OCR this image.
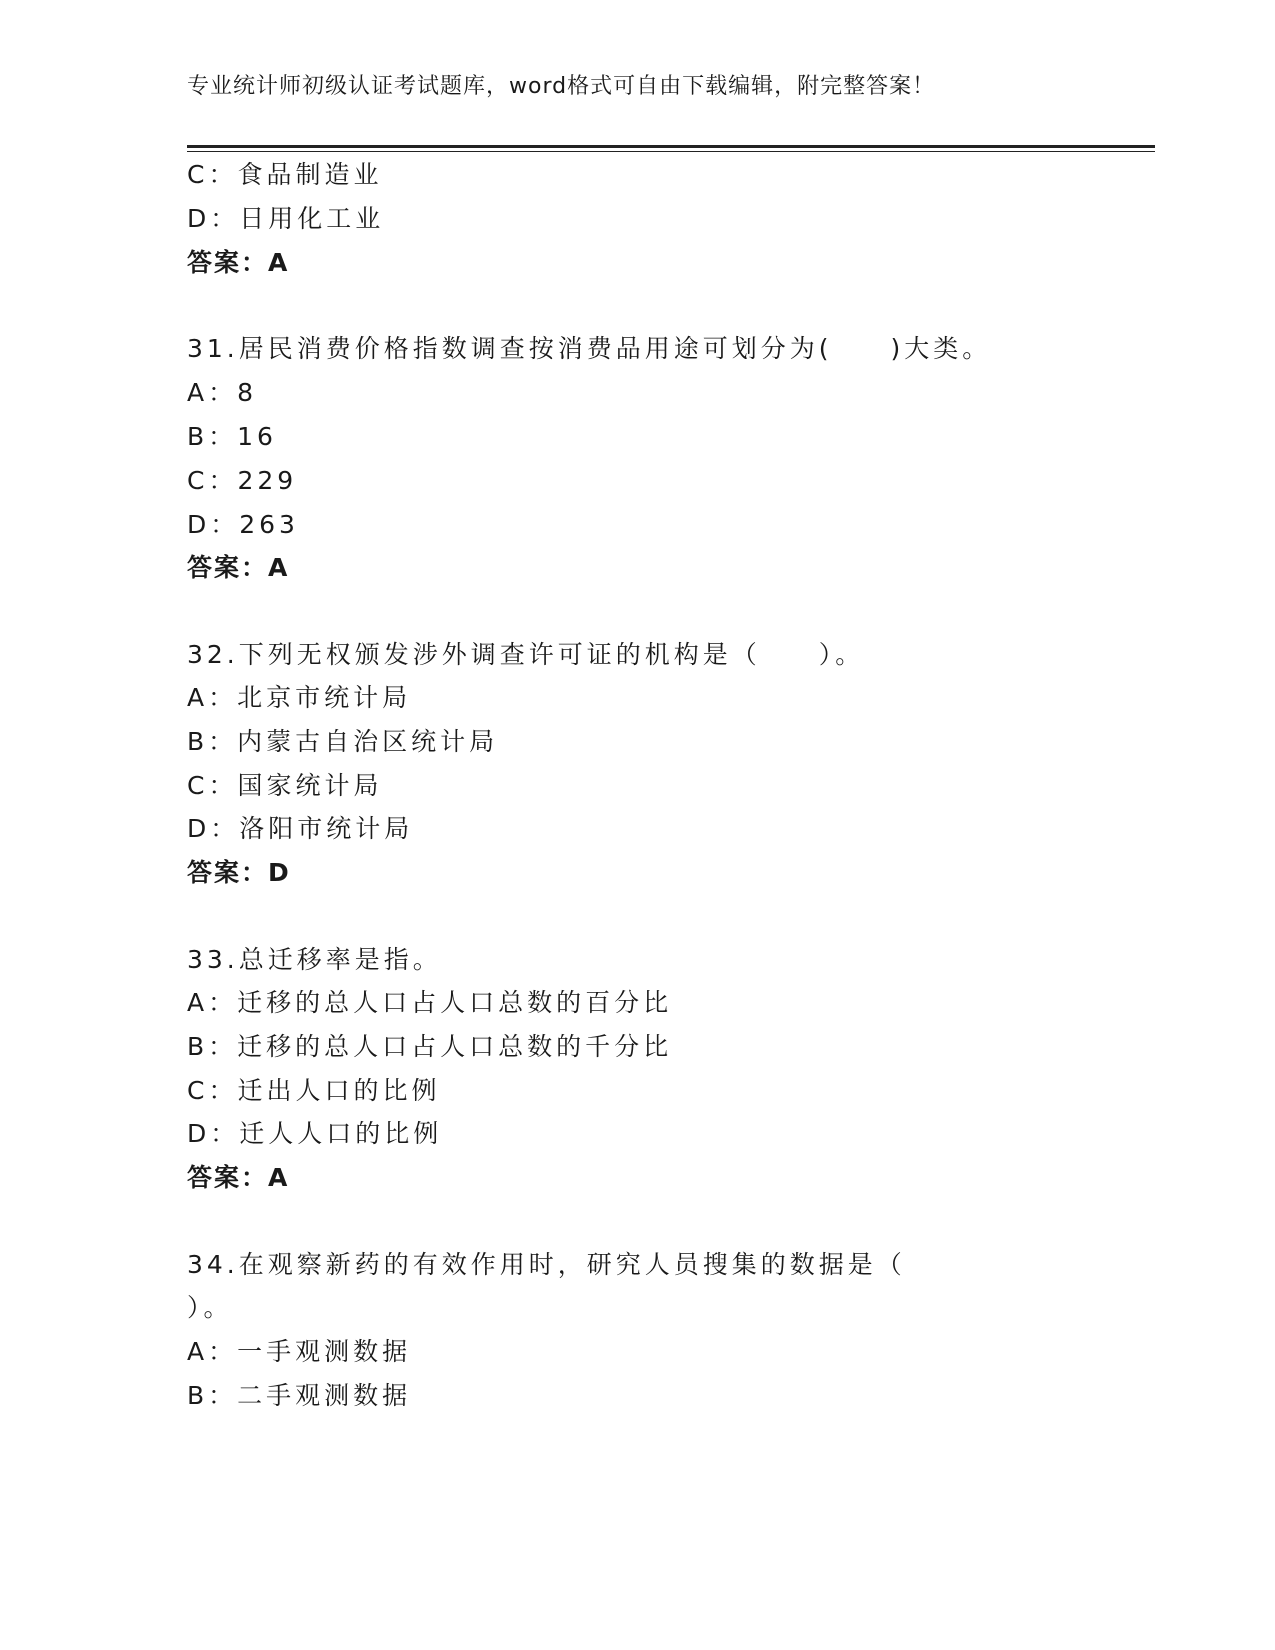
专业统计师初级认证考试题库，word格式可自由下载编辑，附完整答案！
C：食品制造业
D：日用化工业
答案：A
31.居民消费价格指数调查按消费品用途可划分为(　　)大类。
A：8
B：16
C：229
D：263
答案：A
32.下列无权颁发涉外调查许可证的机构是（　　）。
A：北京市统计局
B：内蒙古自治区统计局
C：国家统计局
D：洛阳市统计局
答案：D
33.总迁移率是指。
A：迁移的总人口占人口总数的百分比
B：迁移的总人口占人口总数的千分比
C：迁出人口的比例
D：迁人人口的比例
答案：A
34.在观察新药的有效作用时，研究人员搜集的数据是（
）。
A：一手观测数据
B：二手观测数据
